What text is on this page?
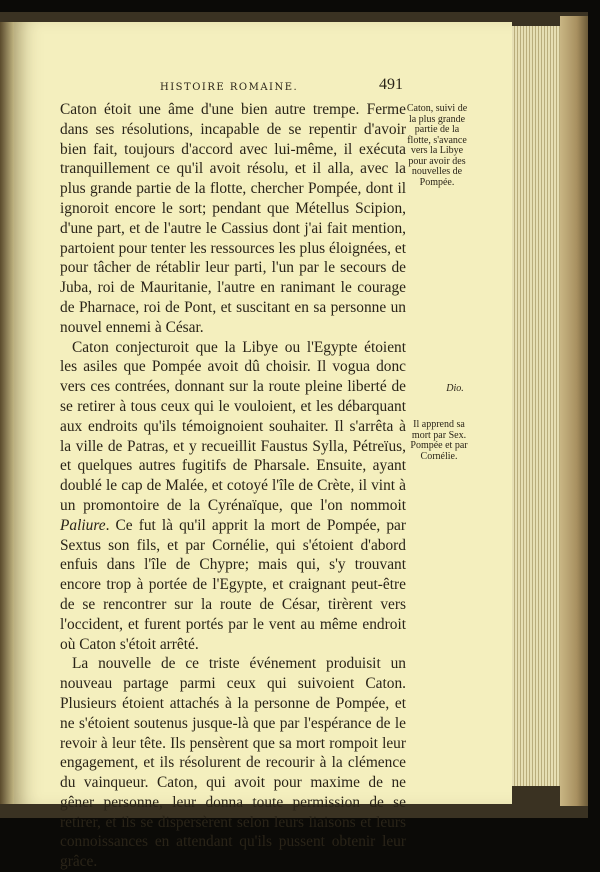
HISTOIRE ROMAINE.	491

Caton étoit une âme d'une bien autre trempe. Ferme dans ses résolutions, incapable de se repentir d'avoir bien fait, toujours d'accord avec lui-même, il exécuta tranquillement ce qu'il avoit résolu, et il alla, avec la plus grande partie de la flotte, chercher Pompée, dont il ignoroit encore le sort; pendant que Métellus Scipion, d'une part, et de l'autre le Cassius dont j'ai fait mention, partoient pour tenter les ressources les plus éloignées, et pour tâcher de rétablir leur parti, l'un par le secours de Juba, roi de Mauritanie, l'autre en ranimant le courage de Pharnace, roi de Pont, et suscitant en sa personne un nouvel ennemi à César.

Caton conjecturoit que la Libye ou l'Egypte étoient les asiles que Pompée avoit dû choisir. Il vogua donc vers ces contrées, donnant sur la route pleine liberté de se retirer à tous ceux qui le vouloient, et les débarquant aux endroits qu'ils témoignoient souhaiter. Il s'arrêta à la ville de Patras, et y recueillit Faustus Sylla, Pétreïus, et quelques autres fugitifs de Pharsale. Ensuite, ayant doublé le cap de Malée, et cotoyé l'île de Crète, il vint à un promontoire de la Cyrénaïque, que l'on nommoit Paliure. Ce fut là qu'il apprit la mort de Pompée, par Sextus son fils, et par Cornélie, qui s'étoient d'abord enfuis dans l'île de Chypre; mais qui, s'y trouvant encore trop à portée de l'Egypte, et craignant peut-être de se rencontrer sur la route de César, tirèrent vers l'occident, et furent portés par le vent au même endroit où Caton s'étoit arrêté.

La nouvelle de ce triste événement produisit un nouveau partage parmi ceux qui suivoient Caton. Plusieurs étoient attachés à la personne de Pompée, et ne s'étoient soutenus jusque-là que par l'espérance de le revoir à leur tête. Ils pensèrent que sa mort rompoit leur engagement, et ils résolurent de recourir à la clémence du vainqueur. Caton, qui avoit pour maxime de ne gêner personne, leur donna toute permission de se retirer, et ils se dispersèrent selon leurs liaisons et leurs connoissances en attendant qu'ils pussent obtenir leur grâce.

Caton, suivi de la plus grande partie de la flotte, s'avance vers la Libye pour avoir des nouvelles de Pompée.
Dio.
Il apprend sa mort par Sex. Pompée et par Cornélie.
